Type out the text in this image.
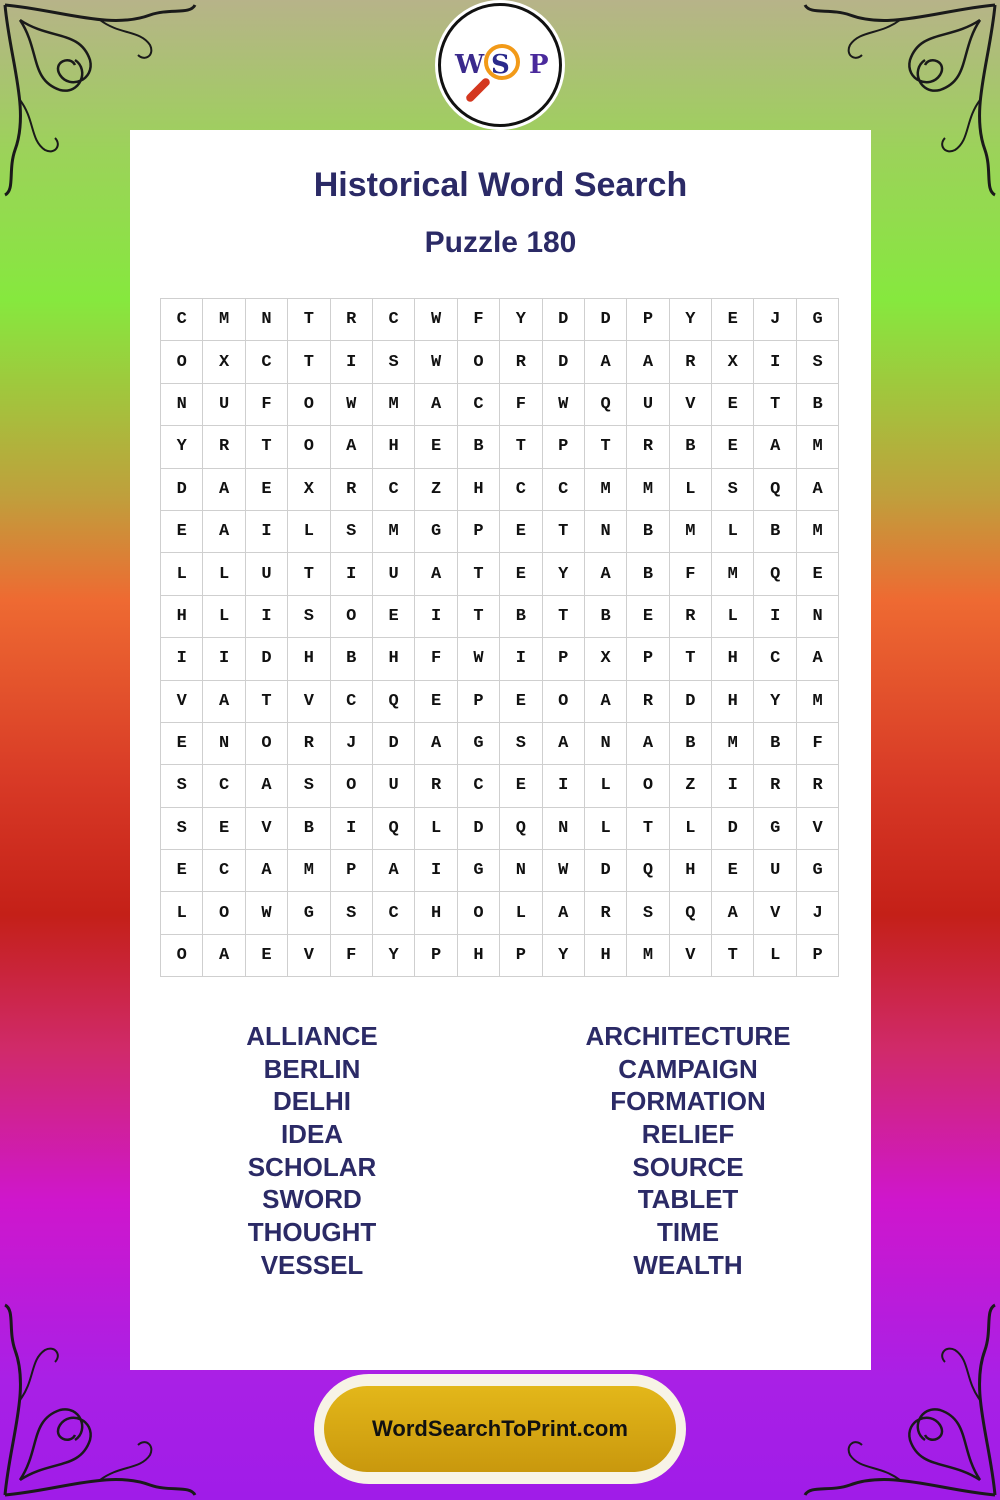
W S P
Historical Word Search
Puzzle 180
C	M	N	T	R	C	W	F	Y	D	D	P	Y	E	J	G
O	X	C	T	I	S	W	O	R	D	A	A	R	X	I	S
N	U	F	O	W	M	A	C	F	W	Q	U	V	E	T	B
Y	R	T	O	A	H	E	B	T	P	T	R	B	E	A	M
D	A	E	X	R	C	Z	H	C	C	M	M	L	S	Q	A
E	A	I	L	S	M	G	P	E	T	N	B	M	L	B	M
L	L	U	T	I	U	A	T	E	Y	A	B	F	M	Q	E
H	L	I	S	O	E	I	T	B	T	B	E	R	L	I	N
I	I	D	H	B	H	F	W	I	P	X	P	T	H	C	A
V	A	T	V	C	Q	E	P	E	O	A	R	D	H	Y	M
E	N	O	R	J	D	A	G	S	A	N	A	B	M	B	F
S	C	A	S	O	U	R	C	E	I	L	O	Z	I	R	R
S	E	V	B	I	Q	L	D	Q	N	L	T	L	D	G	V
E	C	A	M	P	A	I	G	N	W	D	Q	H	E	U	G
L	O	W	G	S	C	H	O	L	A	R	S	Q	A	V	J
O	A	E	V	F	Y	P	H	P	Y	H	M	V	T	L	P
ALLIANCE
BERLIN
DELHI
IDEA
SCHOLAR
SWORD
THOUGHT
VESSEL
ARCHITECTURE
CAMPAIGN
FORMATION
RELIEF
SOURCE
TABLET
TIME
WEALTH
WordSearchToPrint.com
